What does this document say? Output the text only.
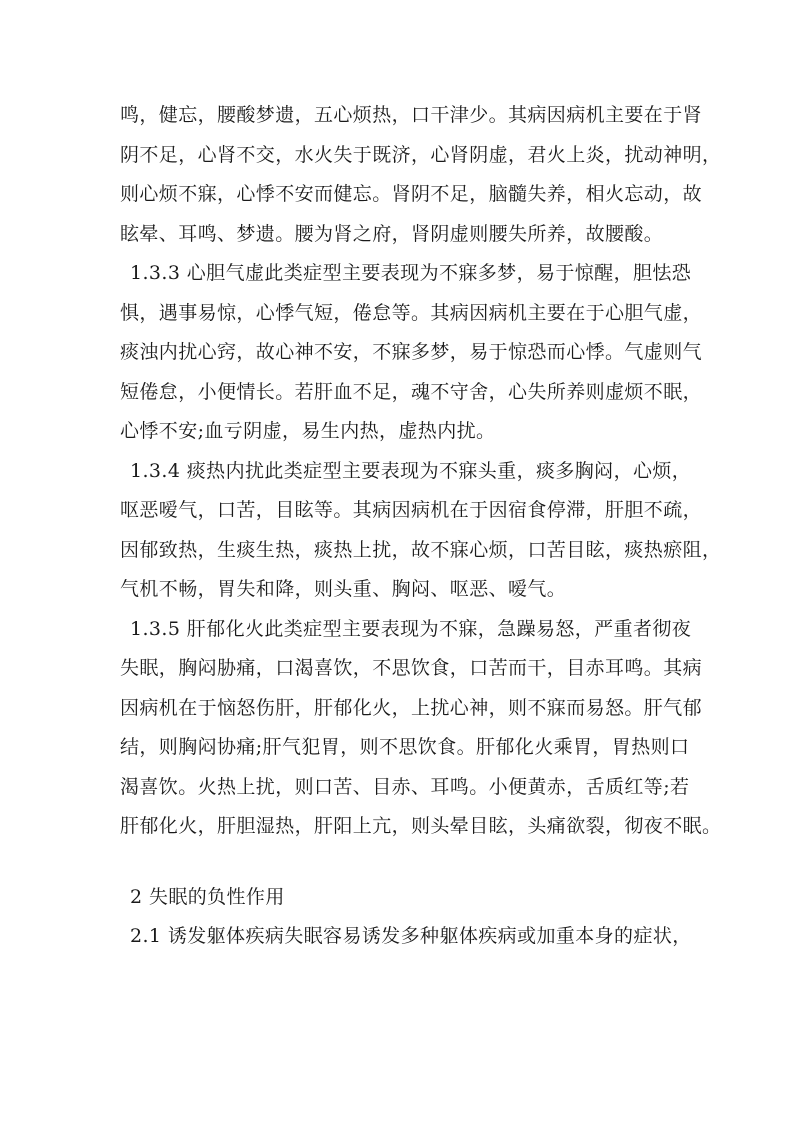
鸣，健忘，腰酸梦遗，五心烦热，口干津少。其病因病机主要在于肾
阴不足，心肾不交，水火失于既济，心肾阴虚，君火上炎，扰动神明，
则心烦不寐，心悸不安而健忘。肾阴不足，脑髓失养，相火忘动，故
眩晕、耳鸣、梦遗。腰为肾之府，肾阴虚则腰失所养，故腰酸。
1.3.3 心胆气虚此类症型主要表现为不寐多梦，易于惊醒，胆怯恐
惧，遇事易惊，心悸气短，倦怠等。其病因病机主要在于心胆气虚，
痰浊内扰心窍，故心神不安，不寐多梦，易于惊恐而心悸。气虚则气
短倦怠，小便情长。若肝血不足，魂不守舍，心失所养则虚烦不眠，
心悸不安;血亏阴虚，易生内热，虚热内扰。
1.3.4 痰热内扰此类症型主要表现为不寐头重，痰多胸闷，心烦，
呕恶嗳气，口苦，目眩等。其病因病机在于因宿食停滞，肝胆不疏，
因郁致热，生痰生热，痰热上扰，故不寐心烦，口苦目眩，痰热瘀阻，
气机不畅，胃失和降，则头重、胸闷、呕恶、嗳气。
1.3.5 肝郁化火此类症型主要表现为不寐，急躁易怒，严重者彻夜
失眠，胸闷胁痛，口渴喜饮，不思饮食，口苦而干，目赤耳鸣。其病
因病机在于恼怒伤肝，肝郁化火，上扰心神，则不寐而易怒。肝气郁
结，则胸闷协痛;肝气犯胃，则不思饮食。肝郁化火乘胃，胃热则口
渴喜饮。火热上扰，则口苦、目赤、耳鸣。小便黄赤，舌质红等;若
肝郁化火，肝胆湿热，肝阳上亢，则头晕目眩，头痛欲裂，彻夜不眠。
2 失眠的负性作用
2.1 诱发躯体疾病失眠容易诱发多种躯体疾病或加重本身的症状，
